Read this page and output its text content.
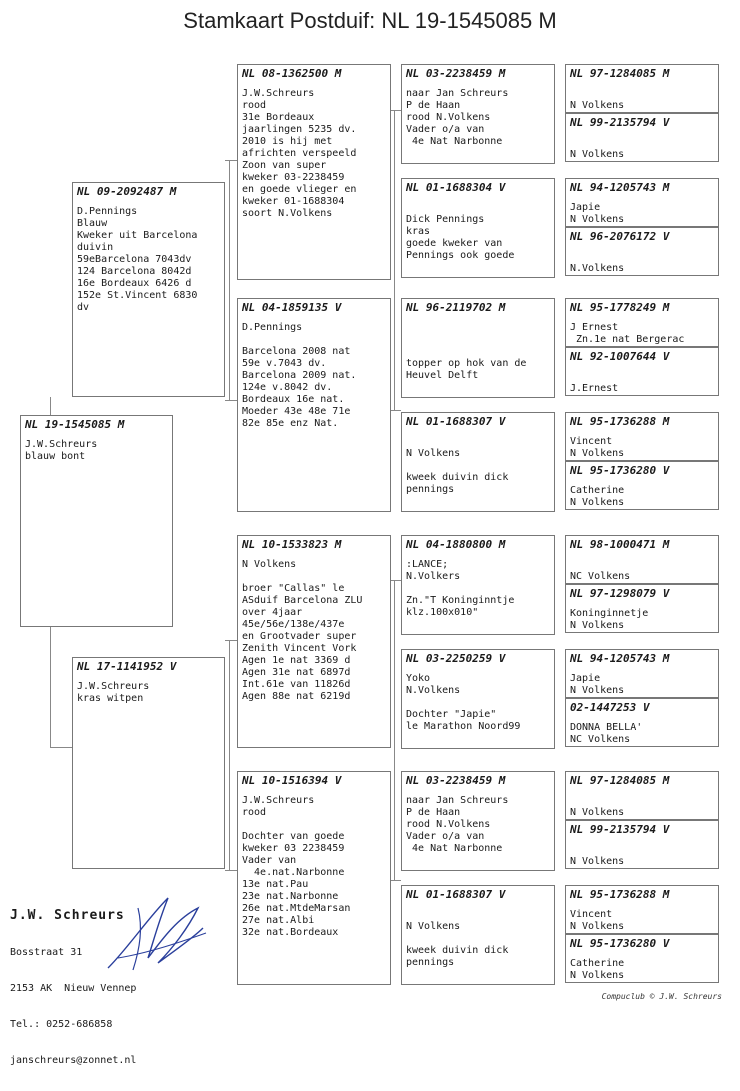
Stamkaart Postduif: NL 19-1545085 M
NL 19-1545085 M
J.W.Schreurs
blauw bont
NL 09-2092487 M
D.Pennings
Blauw
Kweker uit Barcelona
duivin
59eBarcelona 7043dv
124 Barcelona 8042d
16e Bordeaux 6426 d
152e St.Vincent 6830
dv
NL 17-1141952 V
J.W.Schreurs
kras witpen
NL 08-1362500 M
J.W.Schreurs
rood
31e Bordeaux
jaarlingen 5235 dv.
2010 is hij met
africhten verspeeld
Zoon van super
kweker 03-2238459
en goede vlieger en
kweker 01-1688304
soort N.Volkens
NL 04-1859135 V
D.Pennings
Barcelona 2008 nat
59e v.7043 dv.
Barcelona 2009 nat.
124e v.8042 dv.
Bordeaux 16e nat.
Moeder 43e 48e 71e
82e 85e enz Nat.
NL 10-1533823 M
N Volkens
broer "Callas" le
ASduif Barcelona ZLU
over 4jaar
45e/56e/138e/437e
en Grootvader super
Zenith Vincent Vork
Agen 1e nat 3369 d
Agen 31e nat 6897d
Int.61e van 11826d
Agen 88e nat 6219d
NL 10-1516394 V
J.W.Schreurs
rood
Dochter van goede
kweker 03 2238459
Vader van
4e.nat.Narbonne
13e nat.Pau
23e nat.Narbonne
26e nat.MtdeMarsan
27e nat.Albi
32e nat.Bordeaux
NL 03-2238459 M
naar Jan Schreurs
P de Haan
rood N.Volkens
Vader o/a van
4e Nat Narbonne
NL 01-1688304 V
Dick Pennings
kras
goede kweker van
Pennings ook goede
NL 96-2119702 M
topper op hok van de
Heuvel Delft
NL 01-1688307 V
N Volkens
kweek duivin dick
pennings
NL 04-1880800 M
:LANCE;
N.Volkers
Zn."T Koninginntje
klz.100x010"
NL 03-2250259 V
Yoko
N.Volkens
Dochter "Japie"
le Marathon Noord99
NL 03-2238459 M
naar Jan Schreurs
P de Haan
rood N.Volkens
Vader o/a van
4e Nat Narbonne
NL 01-1688307 V
N Volkens
kweek duivin dick
pennings
NL 97-1284085 M
N Volkens
NL 99-2135794 V
N Volkens
NL 94-1205743 M
Japie
N Volkens
NL 96-2076172 V
N.Volkens
NL 95-1778249 M
J Ernest
Zn.1e nat Bergerac
NL 92-1007644 V
J.Ernest
NL 95-1736288 M
Vincent
N Volkens
NL 95-1736280 V
Catherine
N Volkens
NL 98-1000471 M
NC Volkens
NL 97-1298079 V
Koninginnetje
N Volkens
NL 94-1205743 M
Japie
N Volkens
02-1447253 V
DONNA BELLA'
NC Volkens
NL 97-1284085 M
N Volkens
NL 99-2135794 V
N Volkens
NL 95-1736288 M
Vincent
N Volkens
NL 95-1736280 V
Catherine
N Volkens
J.W. Schreurs

Bosstraat 31

2153 AK  Nieuw Vennep

Tel.: 0252-686858

janschreurs@zonnet.nl

Compuclub © J.W. Schreurs
